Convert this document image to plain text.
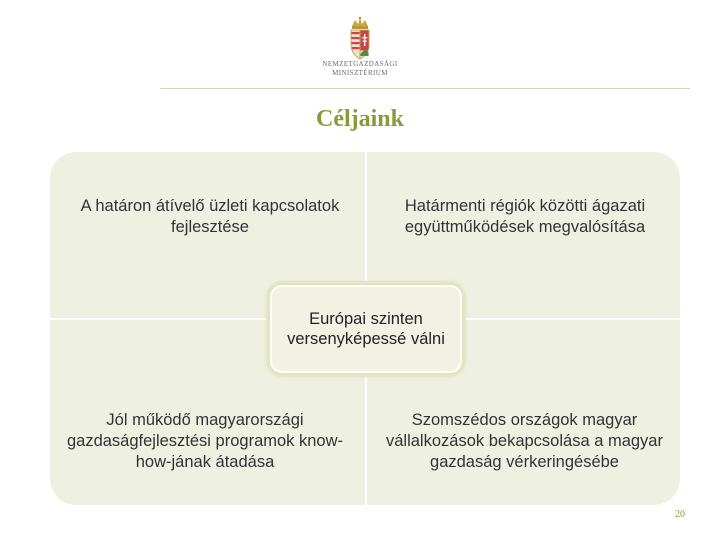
NEMZETGAZDASÁGI
MINISZTÉRIUM
Céljaink
A határon átívelő üzleti kapcsolatok fejlesztése
Határmenti régiók közötti ágazati együttműködések megvalósítása
Jól működő magyarországi gazdaságfejlesztési programok know-how-jának átadása
Szomszédos országok magyar vállalkozások bekapcsolása a magyar gazdaság vérkeringésébe
Európai szinten versenyképessé válni
20
